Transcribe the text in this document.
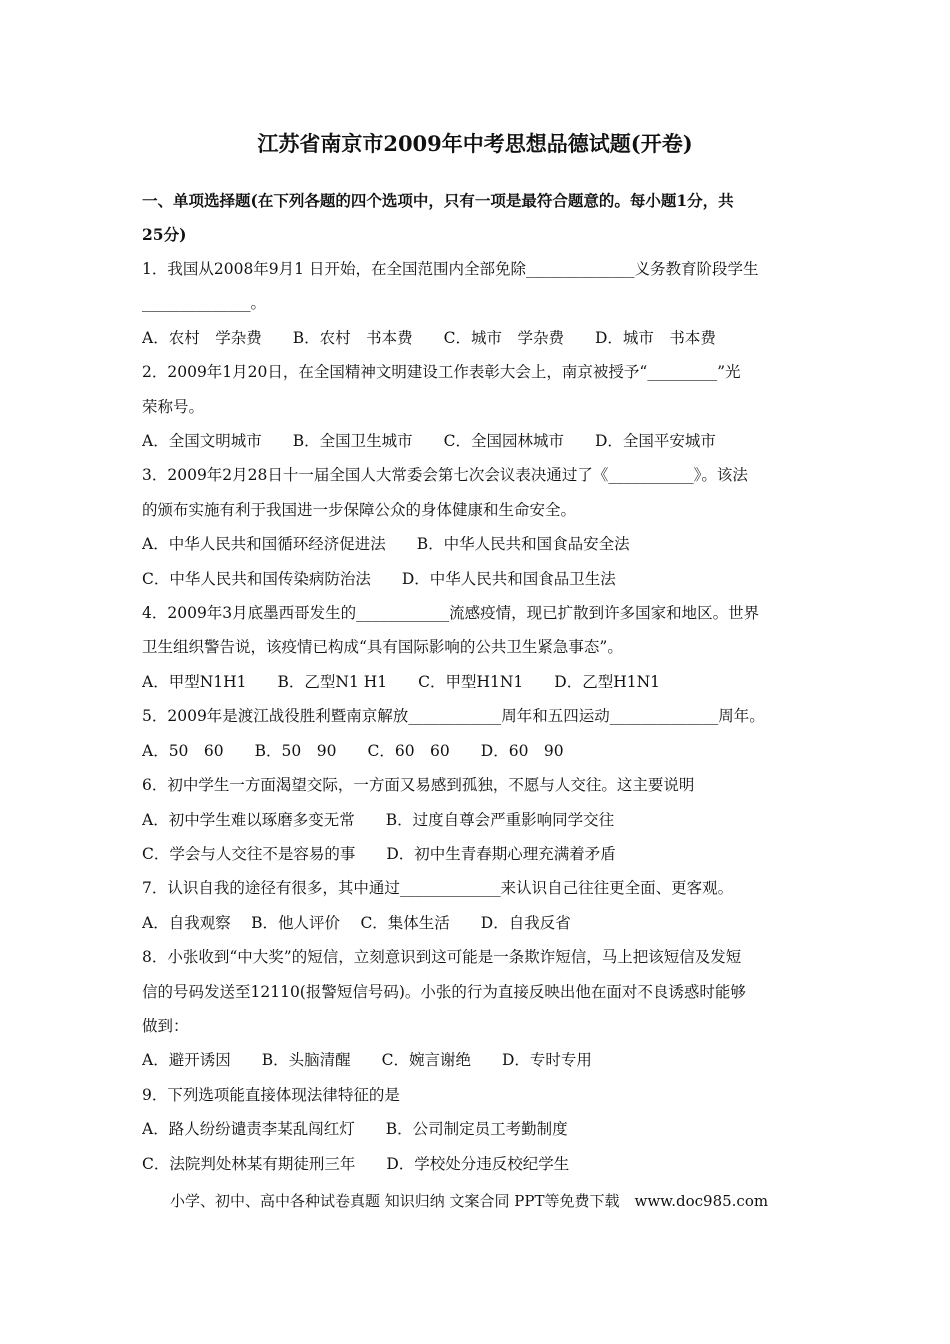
江苏省南京市2009年中考思想品德试题(开卷)
一、单项选择题(在下列各题的四个选项中，只有一项是最符合题意的。每小题1分，共
25分)
1．我国从2008年9月1 日开始，在全国范围内全部免除______________义务教育阶段学生
______________。
A．农村　学杂费　　B．农村　书本费　　C．城市　学杂费　　D．城市　书本费
2．2009年1月20日，在全国精神文明建设工作表彰大会上，南京被授予“_________”光
荣称号。
A．全国文明城市　　B．全国卫生城市　　C．全国园林城市　　D．全国平安城市
3．2009年2月28日十一届全国人大常委会第七次会议表决通过了《___________》。该法
的颁布实施有利于我国进一步保障公众的身体健康和生命安全。
A．中华人民共和国循环经济促进法　　B．中华人民共和国食品安全法
C．中华人民共和国传染病防治法　　D．中华人民共和国食品卫生法
4．2009年3月底墨西哥发生的____________流感疫情，现已扩散到许多国家和地区。世界
卫生组织警告说，该疫情已构成“具有国际影响的公共卫生紧急事态”。
A．甲型N1H1　　B．乙型N1 H1　　C．甲型H1N1　　D．乙型H1N1
5．2009年是渡江战役胜利暨南京解放____________周年和五四运动______________周年。
A．50　60　　B．50　90　　C．60　60　　D．60　90
6．初中学生一方面渴望交际，一方面又易感到孤独，不愿与人交往。这主要说明
A．初中学生难以琢磨多变无常　　B．过度自尊会严重影响同学交往
C．学会与人交往不是容易的事　　D．初中生青春期心理充满着矛盾
7．认识自我的途径有很多，其中通过_____________来认识自己往往更全面、更客观。
A．自我观察　 B．他人评价　 C．集体生活　　D．自我反省
8．小张收到“中大奖”的短信，立刻意识到这可能是一条欺诈短信，马上把该短信及发短
信的号码发送至12110(报警短信号码)。小张的行为直接反映出他在面对不良诱惑时能够
做到：
A．避开诱因　　B．头脑清醒　　C．婉言谢绝　　D．专时专用
9．下列选项能直接体现法律特征的是
A．路人纷纷谴责李某乱闯红灯　　B．公司制定员工考勤制度
C．法院判处林某有期徒刑三年　　D．学校处分违反校纪学生
小学、初中、高中各种试卷真题 知识归纳 文案合同 PPT等免费下载　www.doc985.com
